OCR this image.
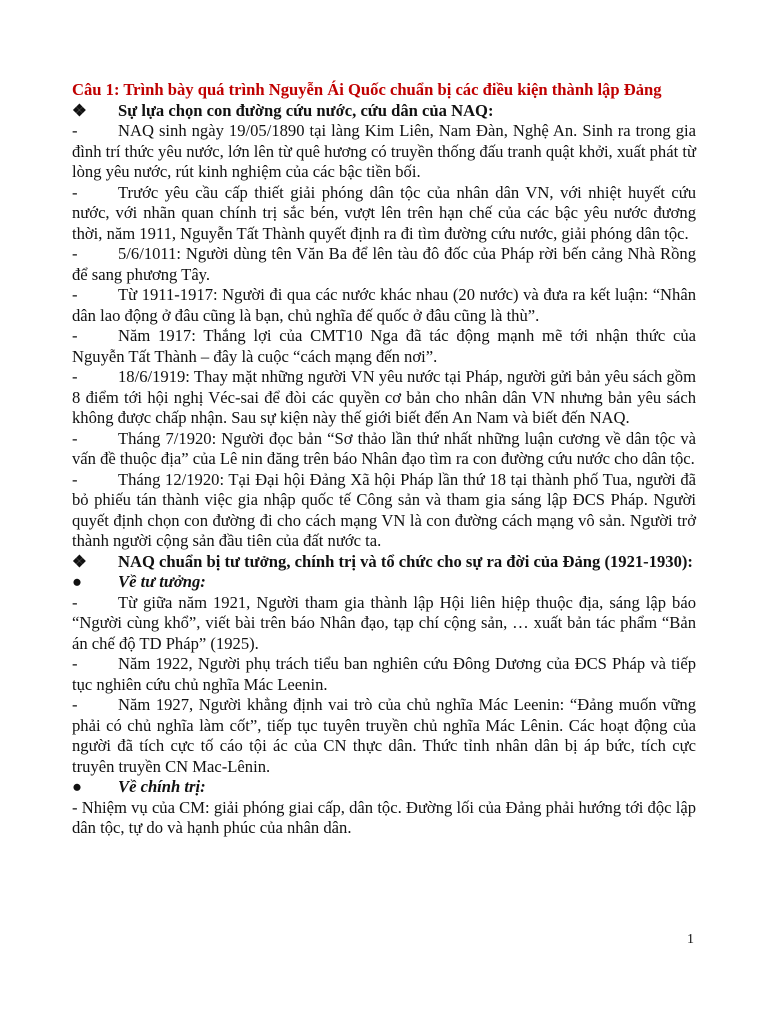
Câu 1: Trình bày quá trình Nguyễn Ái Quốc chuẩn bị các điều kiện thành lập Đảng

❖	Sự lựa chọn con đường cứu nước, cứu dân của NAQ:

- NAQ sinh ngày 19/05/1890 tại làng Kim Liên, Nam Đàn, Nghệ An. Sinh ra trong gia đình trí thức yêu nước, lớn lên từ quê hương có truyền thống đấu tranh quật khởi, xuất phát từ lòng yêu nước, rút kinh nghiệm của các bậc tiền bối.

- Trước yêu cầu cấp thiết giải phóng dân tộc của nhân dân VN, với nhiệt huyết cứu nước, với nhãn quan chính trị sắc bén, vượt lên trên hạn chế của các bậc yêu nước đương thời, năm 1911, Nguyễn Tất Thành quyết định ra đi tìm đường cứu nước, giải phóng dân tộc.

- 5/6/1011: Người dùng tên Văn Ba để lên tàu đô đốc của Pháp rời bến cảng Nhà Rồng để sang phương Tây.

- Từ 1911-1917: Người đi qua các nước khác nhau (20 nước) và đưa ra kết luận: “Nhân dân lao động ở đâu cũng là bạn, chủ nghĩa đế quốc ở đâu cũng là thù”.

- Năm 1917: Thắng lợi của CMT10 Nga đã tác động mạnh mẽ tới nhận thức của Nguyễn Tất Thành – đây là cuộc “cách mạng đến nơi”.

- 18/6/1919: Thay mặt những người VN yêu nước tại Pháp, người gửi bản yêu sách gồm 8 điểm tới hội nghị Véc-sai để đòi các quyền cơ bản cho nhân dân VN nhưng bản yêu sách không được chấp nhận. Sau sự kiện này thế giới biết đến An Nam và biết đến NAQ.

- Tháng 7/1920: Người đọc bản “Sơ thảo lần thứ nhất những luận cương về dân tộc và vấn đề thuộc địa” của Lê nin đăng trên báo Nhân đạo tìm ra con đường cứu nước cho dân tộc.

- Tháng 12/1920: Tại Đại hội Đảng Xã hội Pháp lần thứ 18 tại thành phố Tua, người đã bỏ phiếu tán thành việc gia nhập quốc tế Công sản và tham gia sáng lập ĐCS Pháp. Người quyết định chọn con đường đi cho cách mạng VN là con đường cách mạng vô sản. Người trở thành người cộng sản đầu tiên của đất nước ta.

❖	NAQ chuẩn bị tư tưởng, chính trị và tổ chức cho sự ra đời của Đảng (1921-1930):
●	Về tư tưởng:

- Từ giữa năm 1921, Người tham gia thành lập Hội liên hiệp thuộc địa, sáng lập báo “Người cùng khổ”, viết bài trên báo Nhân đạo, tạp chí cộng sản, … xuất bản tác phẩm “Bản án chế độ TD Pháp” (1925).

- Năm 1922, Người phụ trách tiểu ban nghiên cứu Đông Dương của ĐCS Pháp và tiếp tục nghiên cứu chủ nghĩa Mác Leenin.

- Năm 1927, Người khẳng định vai trò của chủ nghĩa Mác Leenin: “Đảng muốn vững phải có chủ nghĩa làm cốt”, tiếp tục tuyên truyền chủ nghĩa Mác Lênin. Các hoạt động của người đã tích cực tố cáo tội ác của CN thực dân. Thức tỉnh nhân dân bị áp bức, tích cực truyên truyền CN Mac-Lênin.

●	Về chính trị:

- Nhiệm vụ của CM: giải phóng giai cấp, dân tộc. Đường lối của Đảng phải hướng tới độc lập dân tộc, tự do và hạnh phúc của nhân dân.

1
